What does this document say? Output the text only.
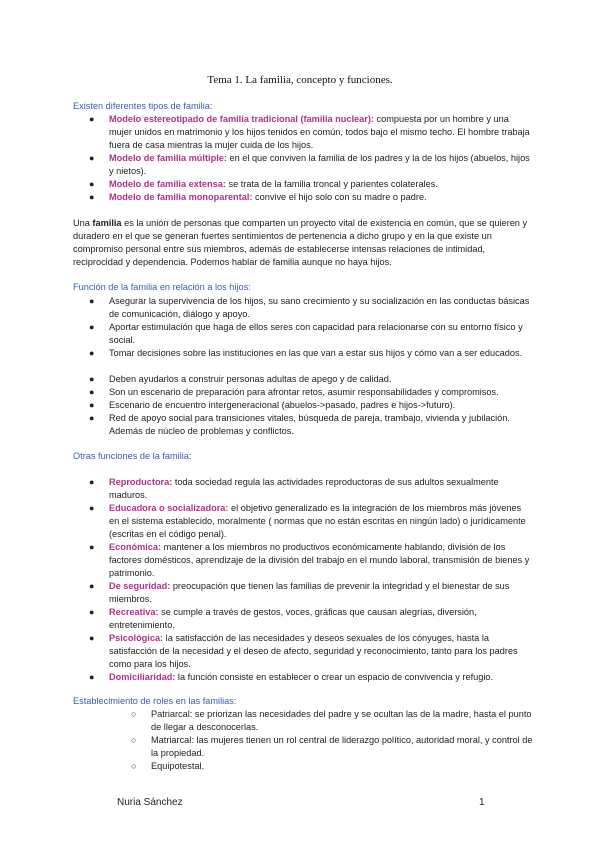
Tema 1. La familia, concepto y funciones.
Existen diferentes tipos de familia:
● Modelo estereotipado de familia tradicional (familia nuclear): compuesta por un hombre y una mujer unidos en matrimonio y los hijos tenidos en común, todos bajo el mismo techo. El hombre trabaja fuera de casa mientras la mujer cuida de los hijos.
● Modelo de familia múltiple: en el que conviven la familia de los padres y la de los hijos (abuelos, hijos y nietos).
● Modelo de familia extensa: se trata de la familia troncal y parientes colaterales.
● Modelo de familia monoparental: convive el hijo solo con su madre o padre.
Una familia es la unión de personas que comparten un proyecto vital de existencia en común, que se quieren y duradero en el que se generan fuertes sentimientos de pertenencia a dicho grupo y en la que existe un compromiso personal entre sus miembros, además de establecerse intensas relaciones de intimidad, reciprocidad y dependencia. Podemos hablar de familia aunque no haya hijos.
Función de la familia en relación a los hijos:
● Asegurar la supervivencia de los hijos, su sano crecimiento y su socialización en las conductas básicas de comunicación, diálogo y apoyo.
● Aportar estimulación que haga de ellos seres con capacidad para relacionarse con su entorno físico y social.
● Tomar decisiones sobre las instituciones en las que van a estar sus hijos y cómo van a ser educados.
● Deben ayudarlos a construir personas adultas de apego y de calidad.
● Son un escenario de preparación para afrontar retos, asumir responsabilidades y compromisos.
● Escenario de encuentro intergeneracional (abuelos->pasado, padres e hijos->futuro).
● Red de apoyo social para transiciones vitales, búsqueda de pareja, trambajo, vivienda y jubilación. Además de núcleo de problemas y conflictos.
Otras funciones de la familia:
● Reproductora: toda sociedad regula las actividades reproductoras de sus adultos sexualmente maduros.
● Educadora o socializadora: el objetivo generalizado es la integración de los miembros más jóvenes en el sistema establecido, moralmente ( normas que no están escritas en ningún lado) o jurídicamente (escritas en el código penal).
● Económica: mantener a los miembros no productivos económicamente hablando, división de los factores domésticos, aprendizaje de la división del trabajo en el mundo laboral, transmisión de bienes y patrimonio.
● De seguridad: preocupación que tienen las familias de prevenir la integridad y el bienestar de sus miembros.
● Recreativa: se cumple a través de gestos, voces, gráficas que causan alegrías, diversión, entretenimiento.
● Psicológica: la satisfacción de las necesidades y deseos sexuales de los cónyuges, hasta la satisfacción de la necesidad y el deseo de afecto, seguridad y reconocimiento, tanto para los padres como para los hijos.
● Domiciliaridad: la función consiste en establecer o crear un espacio de convivencia y refugio.
Establecimiento de roles en las familias:
○ Patriarcal: se priorizan las necesidades del padre y se ocultan las de la madre, hasta el punto de llegar a desconocerlas.
○ Matriarcal: las mujeres tienen un rol central de liderazgo político, autoridad moral, y control de la propiedad.
○ Equipotestal.
Nuria Sánchez	1
